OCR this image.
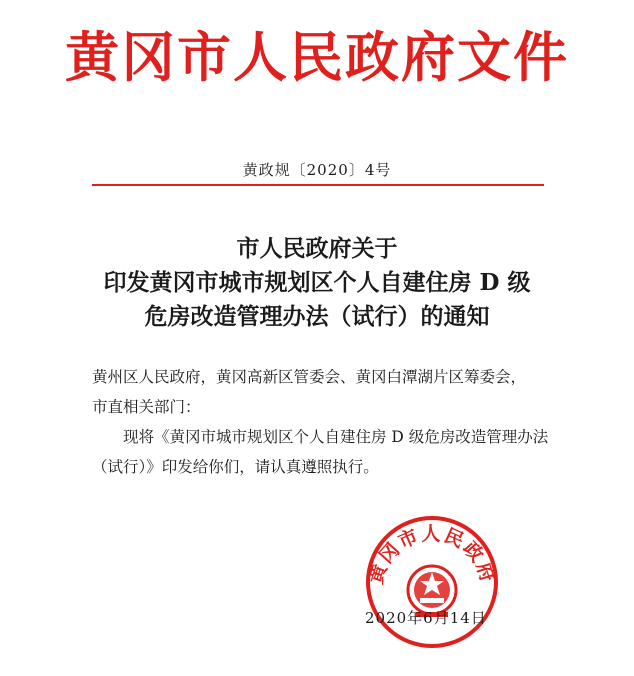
黄冈市人民政府文件
黄政规〔2020〕4号
市人民政府关于
印发黄冈市城市规划区个人自建住房 D 级
危房改造管理办法（试行）的通知

黄州区人民政府，黄冈高新区管委会、黄冈白潭湖片区筹委会，

市直相关部门：

现将《黄冈市城市规划区个人自建住房 D 级危房改造管理办法（试行）》印发给你们，请认真遵照执行。

黄冈市人民政府
2020年6月14日
